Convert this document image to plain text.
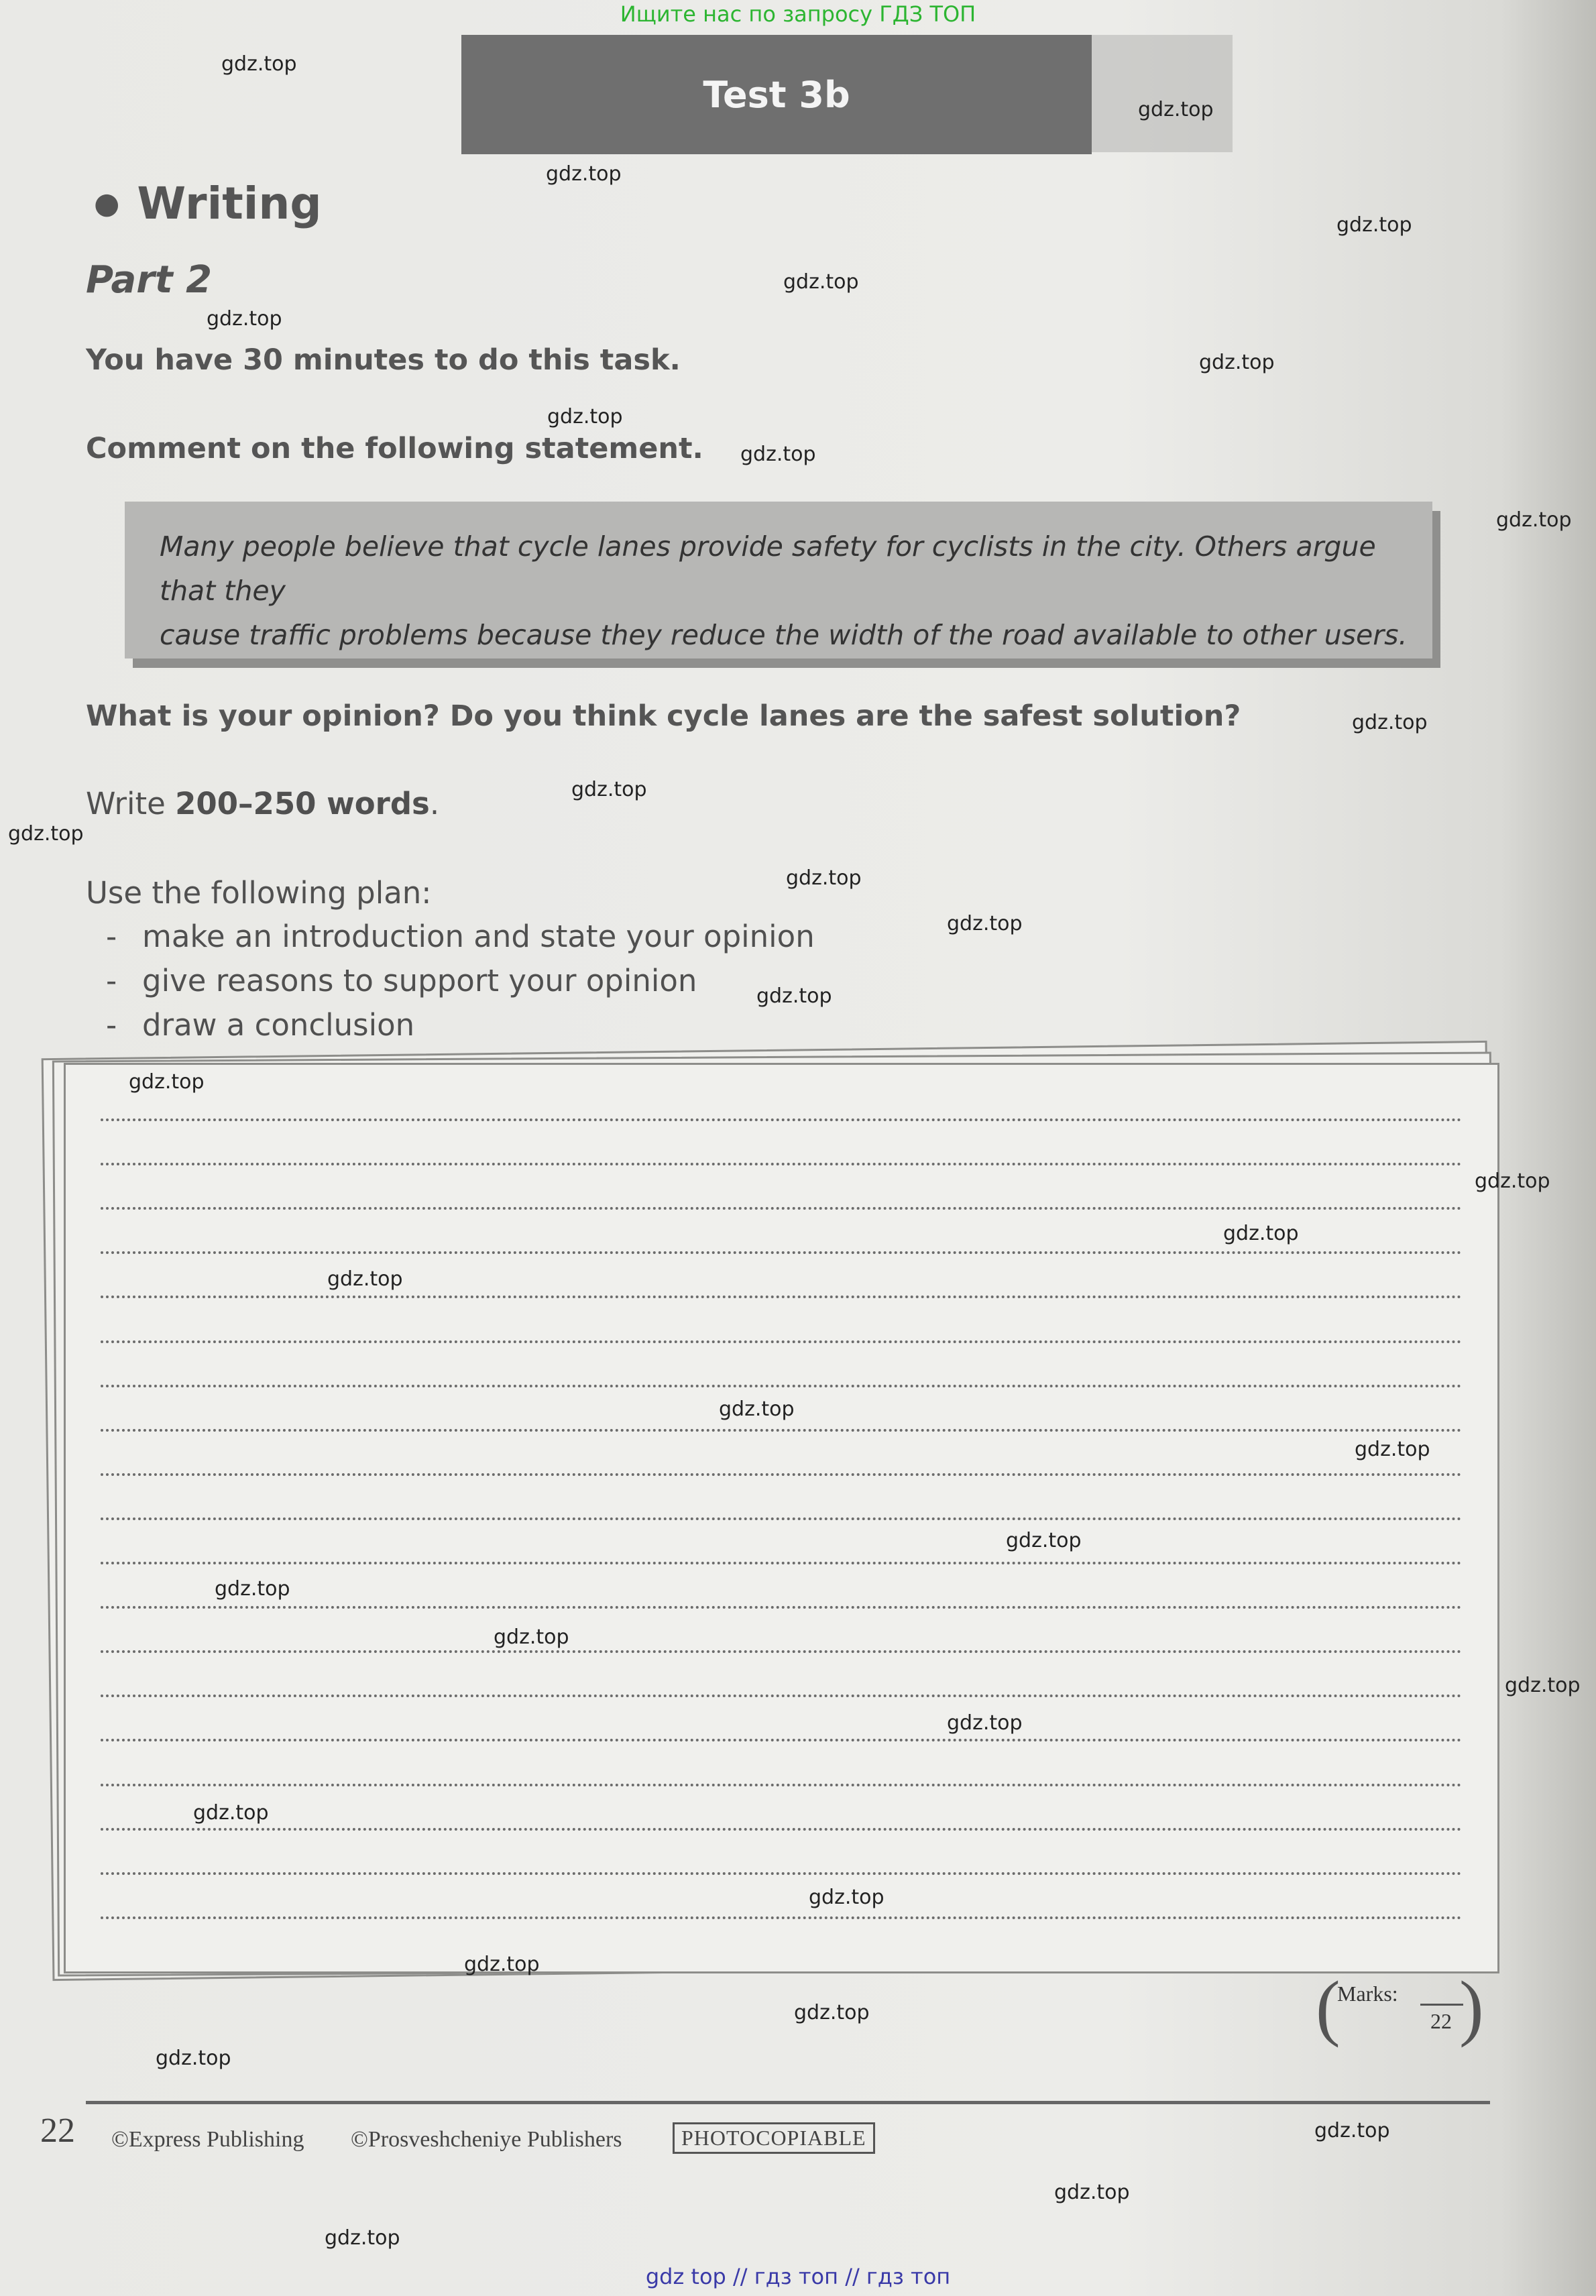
Ищите нас по запросу ГДЗ ТОП
Test 3b

● Writing
Part 2
You have 30 minutes to do this task.
Comment on the following statement.
Many people believe that cycle lanes provide safety for cyclists in the city. Others argue that they
cause traffic problems because they reduce the width of the road available to other users.
What is your opinion? Do you think cycle lanes are the safest solution?
Write 200–250 words.
Use the following plan:
- make an introduction and state your opinion
- give reasons to support your opinion
- draw a conclusion
( )
Marks:
22
22 ©Express Publishing ©Prosveshcheniye Publishers	PHOTOCOPIABLE
gdz top // гдз топ // гдз топ
gdz.top
gdz.top
gdz.top
gdz.top
gdz.top
gdz.top
gdz.top
gdz.top
gdz.top
gdz.top
gdz.top
gdz.top
gdz.top
gdz.top
gdz.top
gdz.top
gdz.top
gdz.top
gdz.top
gdz.top
gdz.top
gdz.top
gdz.top
gdz.top
gdz.top
gdz.top
gdz.top
gdz.top
gdz.top
gdz.top
gdz.top
gdz.top
gdz.top
gdz.top
gdz.top
